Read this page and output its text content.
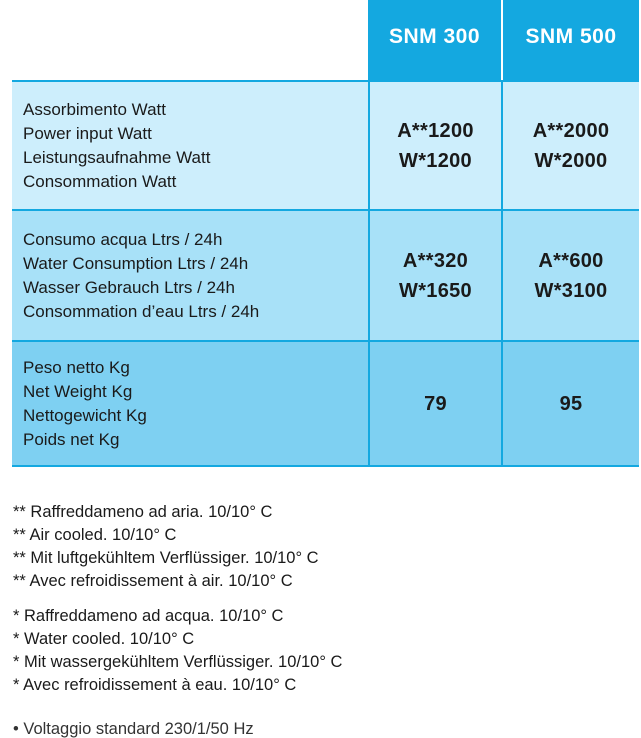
SNM 300	SNM 500
Assorbimento Watt
Power input Watt
Leistungsaufnahme Watt
Consommation Watt
A**1200
W*1200
A**2000
W*2000
Consumo acqua Ltrs / 24h
Water Consumption Ltrs / 24h
Wasser Gebrauch Ltrs / 24h
Consommation d’eau Ltrs / 24h
A**320
W*1650
A**600
W*3100
Peso netto Kg
Net Weight Kg
Nettogewicht Kg
Poids net Kg
79	95
** Raffreddameno ad aria. 10/10° C
** Air cooled. 10/10° C
** Mit luftgekühltem Verflüssiger. 10/10° C
** Avec refroidissement à air. 10/10° C
* Raffreddameno ad acqua. 10/10° C
* Water cooled. 10/10° C
* Mit wassergekühltem Verflüssiger. 10/10° C
* Avec refroidissement à eau. 10/10° C
• Voltaggio standard 230/1/50 Hz
